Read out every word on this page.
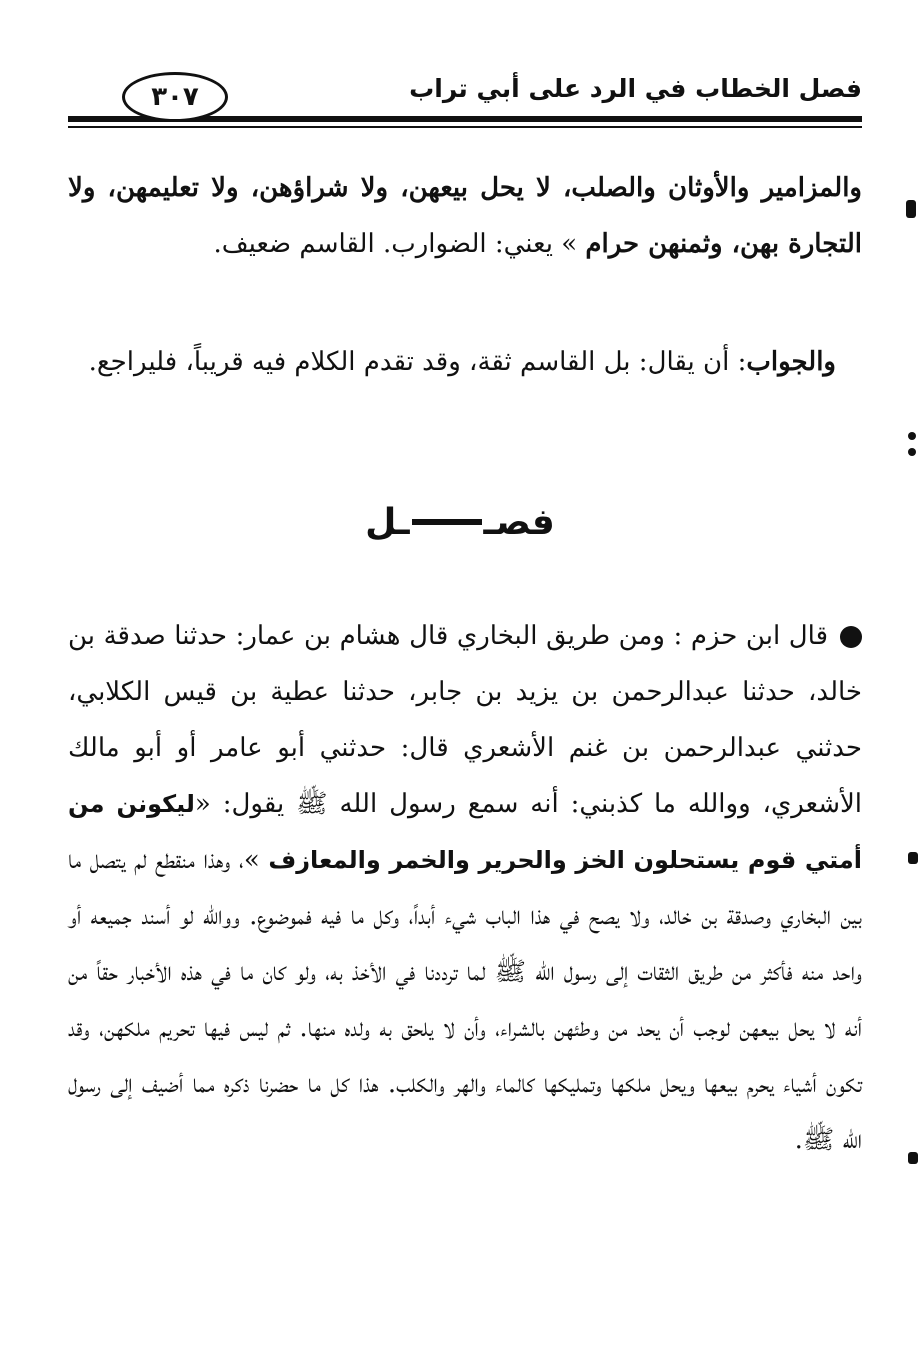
فصل الخطاب في الرد على أبي تراب
٣٠٧

والمزامير والأوثان والصلب، لا يحل بيعهن، ولا شراؤهن، ولا تعليمهن، ولا التجارة بهن، وثمنهن حرام » يعني: الضوارب. القاسم ضعيف.

والجواب: أن يقال: بل القاسم ثقة، وقد تقدم الكلام فيه قريباً، فليراجع.

فصــل

قال ابن حزم : ومن طريق البخاري قال هشام بن عمار: حدثنا صدقة بن خالد، حدثنا عبدالرحمن بن يزيد بن جابر، حدثنا عطية بن قيس الكلابي، حدثني عبدالرحمن بن غنم الأشعري قال: حدثني أبو عامر أو أبو مالك الأشعري، ووالله ما كذبني: أنه سمع رسول الله ﷺ يقول: «ليكونن من أمتي قوم يستحلون الخز والحرير والخمر والمعازف »، وهذا منقطع لم يتصل ما بين البخاري وصدقة بن خالد، ولا يصح في هذا الباب شيء أبداً، وكل ما فيه فموضوع. ووالله لو أسند جميعه أو واحد منه فأكثر من طريق الثقات إلى رسول الله ﷺ لما ترددنا في الأخذ به، ولو كان ما في هذه الأخبار حقاً من أنه لا يحل بيعهن لوجب أن يحد من وطئهن بالشراء، وأن لا يلحق به ولده منها. ثم ليس فيها تحريم ملكهن، وقد تكون أشياء يحرم بيعها ويحل ملكها وتمليكها كالماء والهر والكلب. هذا كل ما حضرنا ذكره مما أضيف إلى رسول الله ﷺ.
